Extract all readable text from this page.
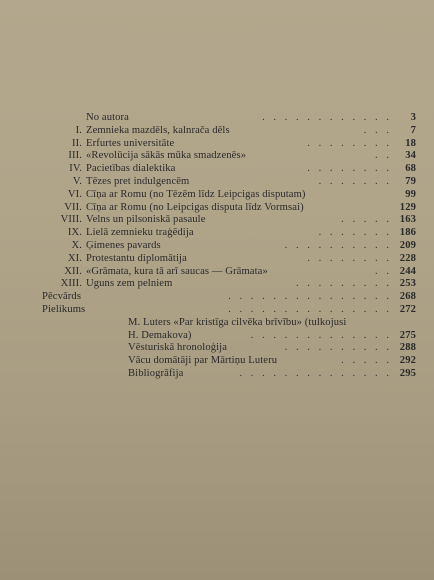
No autora	. . . . . . . . . . . .	3
I. Zemnieka mazdēls, kalnrača dēls	. . .	7
II. Erfurtes universitāte	. . . . . . . .	18
III. «Revolūcija sākās mūka smadzenēs»	. .	34
IV. Pacietības dialektika	. . . . . . . .	68
V. Tēzes pret indulgencēm	. . . . . . .	79
VI. Cīņa ar Romu (no Tēzēm līdz Leipcigas disputam)	99
VII. Cīņa ar Romu (no Leipcigas disputa līdz Vormsai)	129
VIII. Velns un pilsoniskā pasaule	. . . . . 163
IX. Lielā zemnieku traģēdija	. . . . . . . 186
X. Ģimenes pavards	. . . . . . . . . . 209
XI. Protestantu diplomātija	. . . . . . . . 228
XII. «Grāmata, kura tā arī saucas — Grāmata»	. . 244
XIII. Uguns zem pelniem	. . . . . . . . . 253
Pēcvārds	. . . . . . . . . . . . . . . 268
Pielikums	. . . . . . . . . . . . . . . 272
M. Luters «Par kristīga cilvēka brīvību» (tulkojusi
H. Demakova)	. . . . . . . . . . . . . 275
Vēsturiskā hronoloģija	. . . . . . . . . . 288
Vācu domātāji par Mārtiņu Luteru	. . . . . 292
Bibliogrāfija	. . . . . . . . . . . . . . 295
